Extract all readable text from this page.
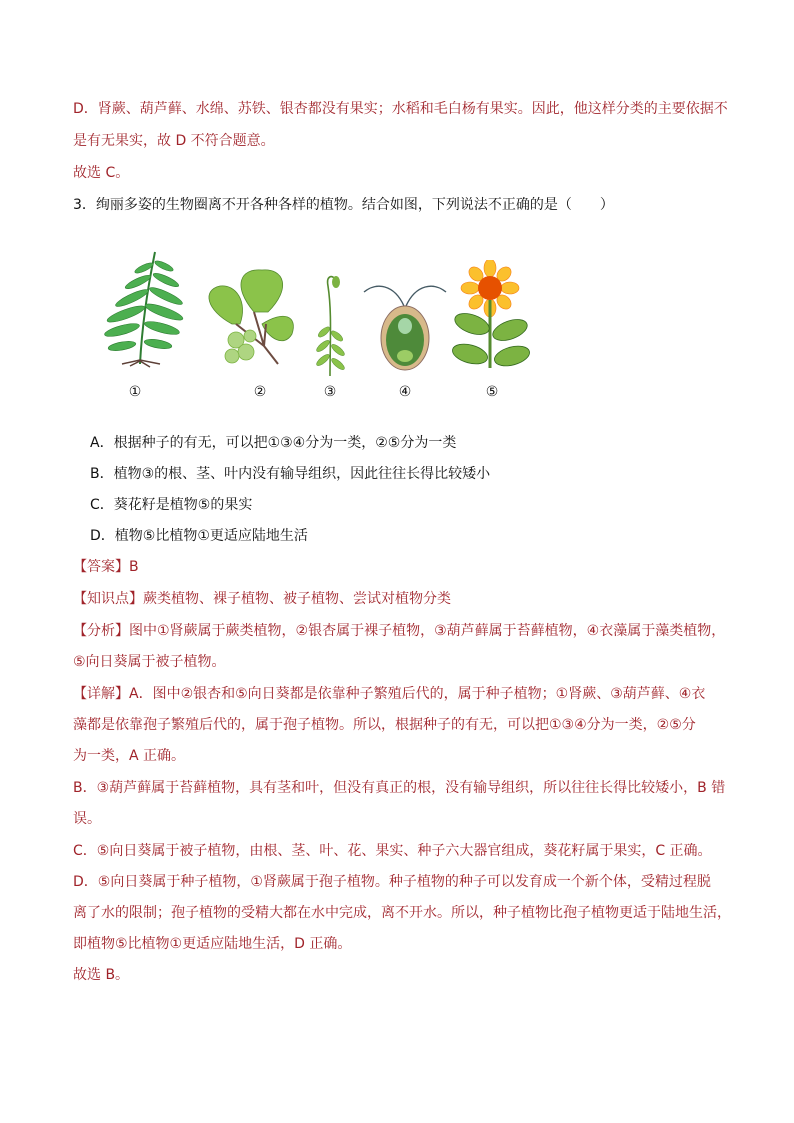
D．肾蕨、葫芦藓、水绵、苏铁、银杏都没有果实；水稻和毛白杨有果实。因此，他这样分类的主要依据不
是有无果实，故 D 不符合题意。
故选 C。
3．绚丽多姿的生物圈离不开各种各样的植物。结合如图，下列说法不正确的是（　　）
①	②	③	④	⑤
A．根据种子的有无，可以把①③④分为一类，②⑤分为一类
B．植物③的根、茎、叶内没有输导组织，因此往往长得比较矮小
C．葵花籽是植物⑤的果实
D．植物⑤比植物①更适应陆地生活
【答案】B
【知识点】蕨类植物、裸子植物、被子植物、尝试对植物分类
【分析】图中①肾蕨属于蕨类植物，②银杏属于裸子植物，③葫芦藓属于苔藓植物，④衣藻属于藻类植物，
⑤向日葵属于被子植物。
【详解】A．图中②银杏和⑤向日葵都是依靠种子繁殖后代的，属于种子植物；①肾蕨、③葫芦藓、④衣
藻都是依靠孢子繁殖后代的，属于孢子植物。所以，根据种子的有无，可以把①③④分为一类，②⑤分
为一类，A 正确。
B．③葫芦藓属于苔藓植物，具有茎和叶，但没有真正的根，没有输导组织，所以往往长得比较矮小，B 错
误。
C．⑤向日葵属于被子植物，由根、茎、叶、花、果实、种子六大器官组成，葵花籽属于果实，C 正确。
D．⑤向日葵属于种子植物，①肾蕨属于孢子植物。种子植物的种子可以发育成一个新个体，受精过程脱
离了水的限制；孢子植物的受精大都在水中完成，离不开水。所以，种子植物比孢子植物更适于陆地生活，
即植物⑤比植物①更适应陆地生活，D 正确。
故选 B。
